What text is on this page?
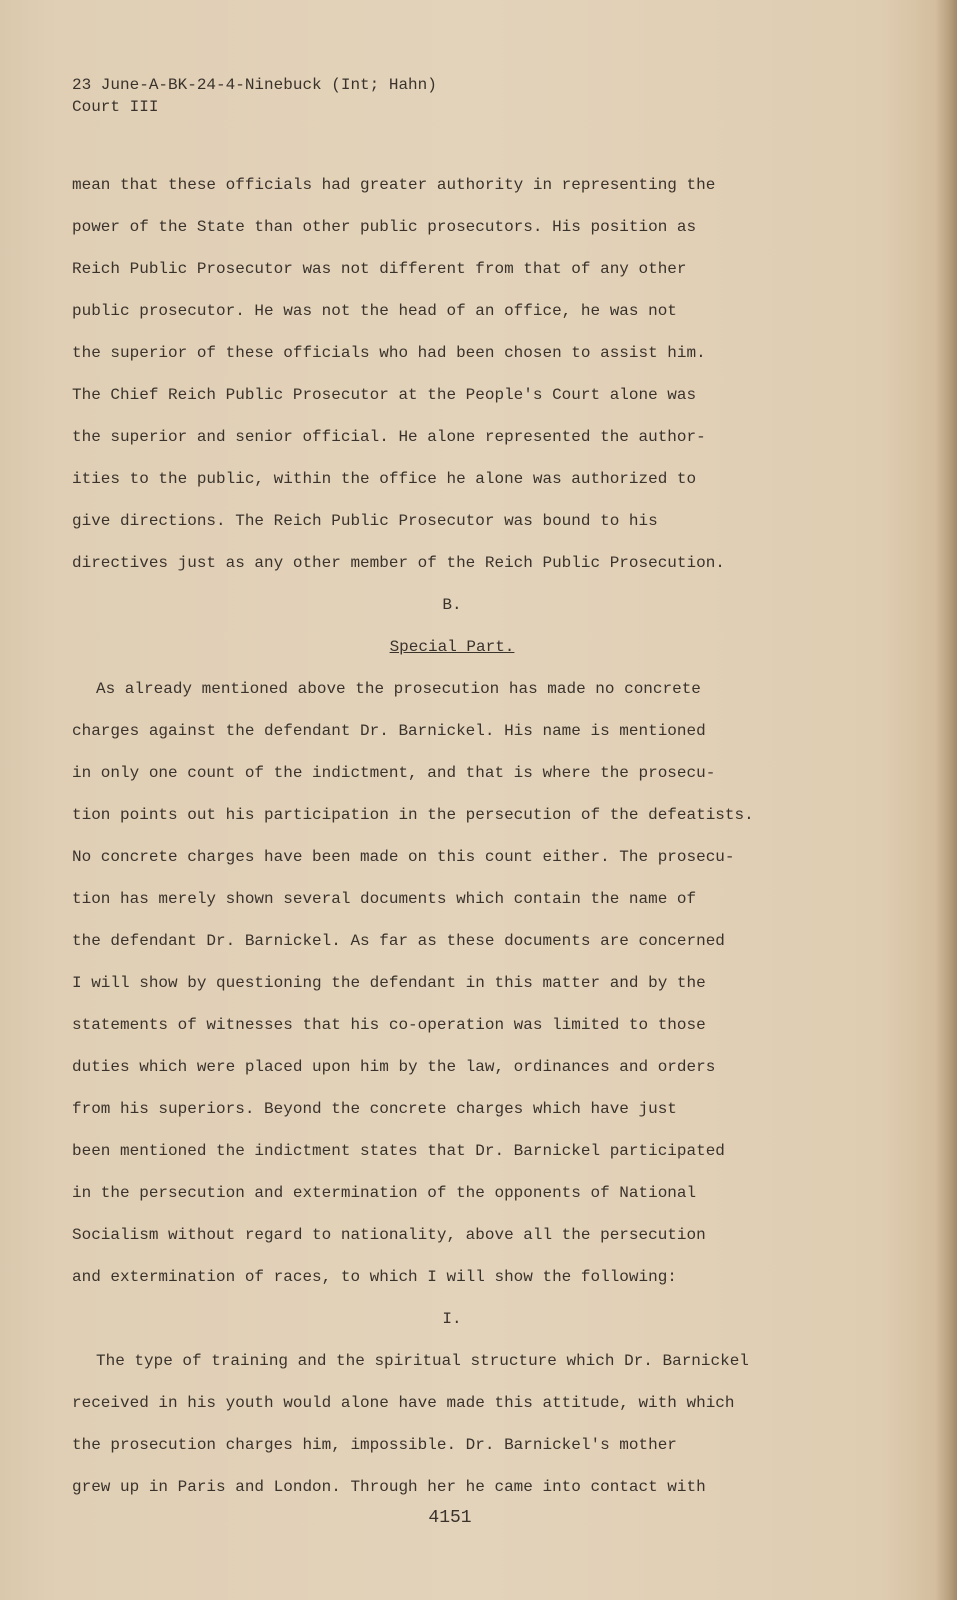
23 June-A-BK-24-4-Ninebuck (Int; Hahn)
Court III
mean that these officials had greater authority in representing the
power of the State than other public prosecutors. His position as
Reich Public Prosecutor was not different from that of any other
public prosecutor. He was not the head of an office, he was not
the superior of these officials who had been chosen to assist him.
The Chief Reich Public Prosecutor at the People's Court alone was
the superior and senior official. He alone represented the author-
ities to the public, within the office he alone was authorized to
give directions. The Reich Public Prosecutor was bound to his
directives just as any other member of the Reich Public Prosecution.
B.
Special Part.
As already mentioned above the prosecution has made no concrete
charges against the defendant Dr. Barnickel. His name is mentioned
in only one count of the indictment, and that is where the prosecu-
tion points out his participation in the persecution of the defeatists.
No concrete charges have been made on this count either. The prosecu-
tion has merely shown several documents which contain the name of
the defendant Dr. Barnickel. As far as these documents are concerned
I will show by questioning the defendant in this matter and by the
statements of witnesses that his co-operation was limited to those
duties which were placed upon him by the law, ordinances and orders
from his superiors. Beyond the concrete charges which have just
been mentioned the indictment states that Dr. Barnickel participated
in the persecution and extermination of the opponents of National
Socialism without regard to nationality, above all the persecution
and extermination of races, to which I will show the following:
I.
The type of training and the spiritual structure which Dr. Barnickel
received in his youth would alone have made this attitude, with which
the prosecution charges him, impossible. Dr. Barnickel's mother
grew up in Paris and London. Through her he came into contact with
4151
